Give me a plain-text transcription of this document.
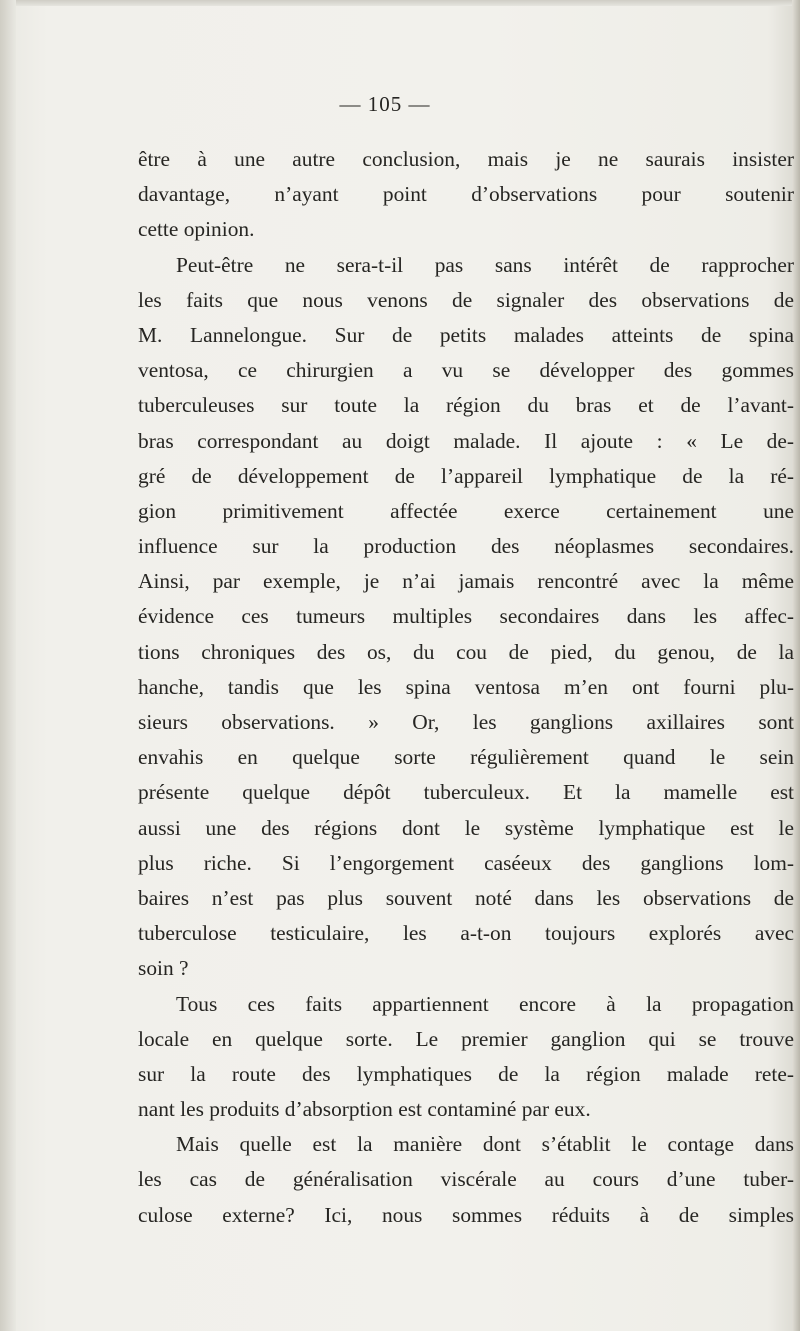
— 105 —
être à une autre conclusion, mais je ne saurais insister
davantage, n’ayant point d’observations pour soutenir
cette opinion.
Peut-être ne sera-t-il pas sans intérêt de rapprocher
les faits que nous venons de signaler des observations de
M. Lannelongue. Sur de petits malades atteints de spina
ventosa, ce chirurgien a vu se développer des gommes
tuberculeuses sur toute la région du bras et de l’avant-
bras correspondant au doigt malade. Il ajoute : « Le de-
gré de développement de l’appareil lymphatique de la ré-
gion primitivement affectée exerce certainement une
influence sur la production des néoplasmes secondaires.
Ainsi, par exemple, je n’ai jamais rencontré avec la même
évidence ces tumeurs multiples secondaires dans les affec-
tions chroniques des os, du cou de pied, du genou, de la
hanche, tandis que les spina ventosa m’en ont fourni plu-
sieurs observations. » Or, les ganglions axillaires sont
envahis en quelque sorte régulièrement quand le sein
présente quelque dépôt tuberculeux. Et la mamelle est
aussi une des régions dont le système lymphatique est le
plus riche. Si l’engorgement caséeux des ganglions lom-
baires n’est pas plus souvent noté dans les observations de
tuberculose testiculaire, les a-t-on toujours explorés avec
soin ?
Tous ces faits appartiennent encore à la propagation
locale en quelque sorte. Le premier ganglion qui se trouve
sur la route des lymphatiques de la région malade rete-
nant les produits d’absorption est contaminé par eux.
Mais quelle est la manière dont s’établit le contage dans
les cas de généralisation viscérale au cours d’une tuber-
culose externe? Ici, nous sommes réduits à de simples
